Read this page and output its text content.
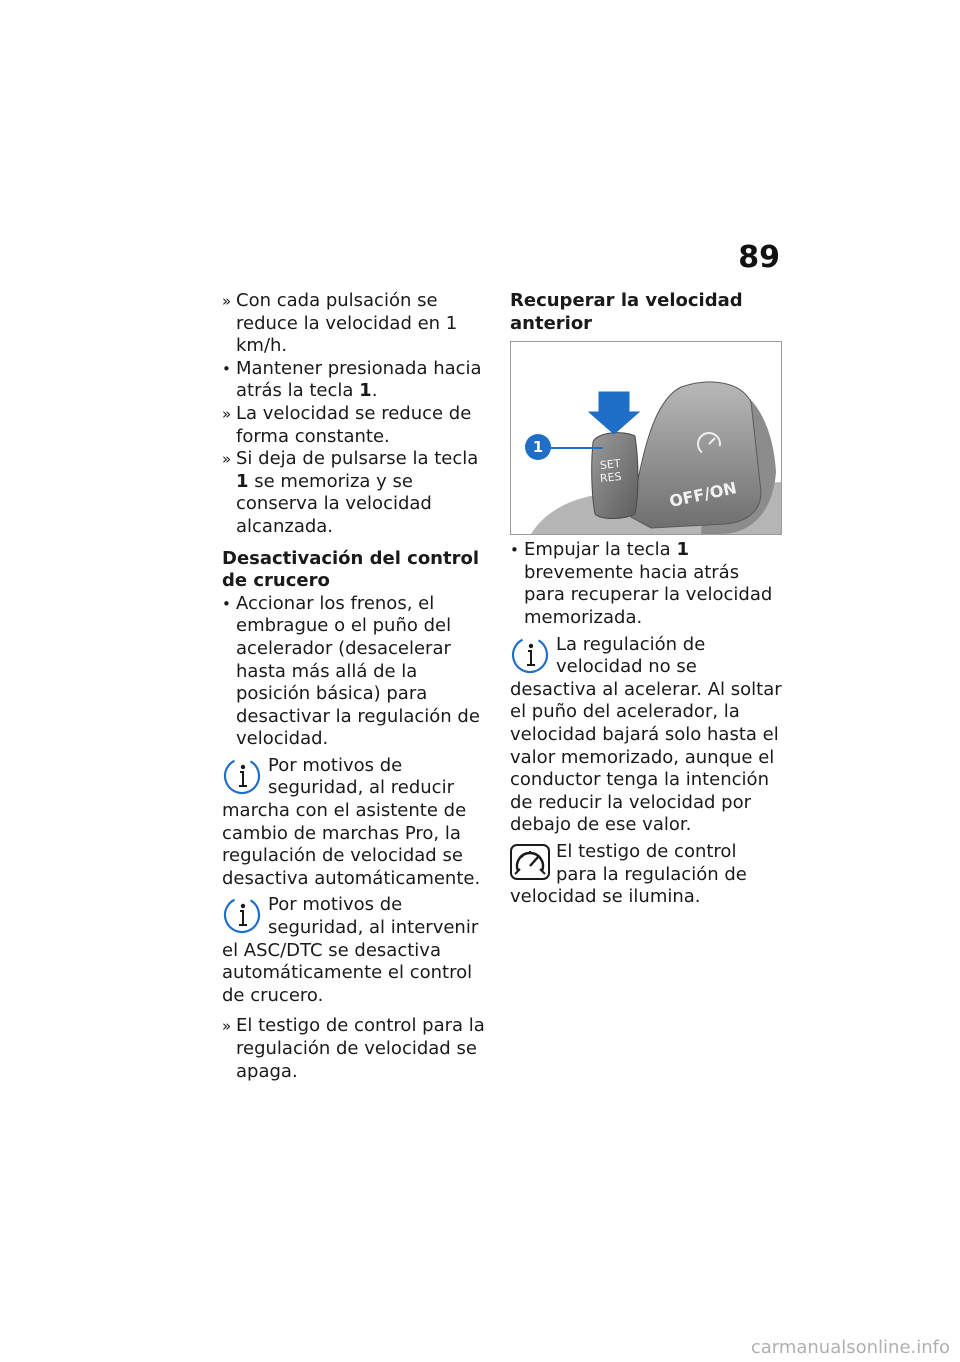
89
» Con cada pulsación se reduce la velocidad en 1 km/h.
• Mantener presionada hacia atrás la tecla 1.
» La velocidad se reduce de forma constante.
» Si deja de pulsarse la tecla 1 se memoriza y se conserva la velocidad alcanzada.
Desactivación del control de crucero
• Accionar los frenos, el embrague o el puño del acelerador (desacelerar hasta más allá de la posición básica) para desactivar la regulación de velocidad.
Por motivos de seguridad, al reducir marcha con el asistente de cambio de marchas Pro, la regulación de velocidad se desactiva automáticamente.
Por motivos de seguridad, al intervenir el ASC/DTC se desactiva automáticamente el control de crucero.
» El testigo de control para la regulación de velocidad se apaga.
Recuperar la velocidad anterior
1
SET
RES
OFF/ON
• Empujar la tecla 1 brevemente hacia atrás para recuperar la velocidad memorizada.
La regulación de velocidad no se desactiva al acelerar. Al soltar el puño del acelerador, la velocidad bajará solo hasta el valor memorizado, aunque el conductor tenga la intención de reducir la velocidad por debajo de ese valor.
El testigo de control para la regulación de velocidad se ilumina.
carmanualsonline.info
